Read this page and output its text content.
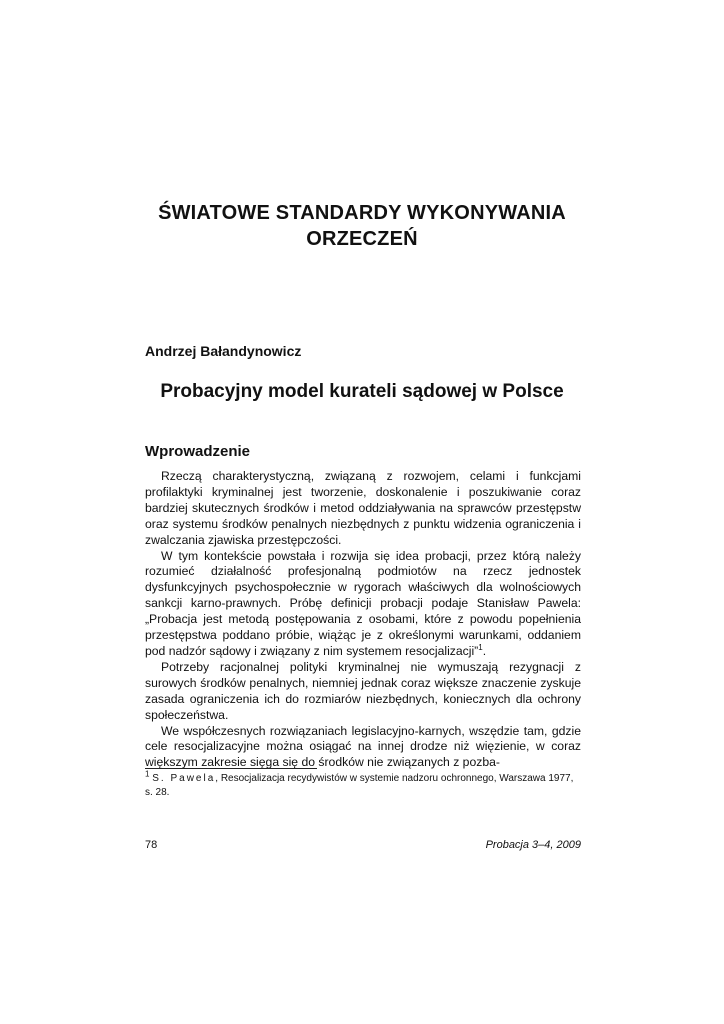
ŚWIATOWE STANDARDY WYKONYWANIA
ORZECZEŃ
Andrzej Bałandynowicz
Probacyjny model kurateli sądowej w Polsce
Wprowadzenie

Rzeczą charakterystyczną, związaną z rozwojem, celami i funkcjami profilaktyki kryminalnej jest tworzenie, doskonalenie i poszukiwanie coraz bardziej skutecznych środków i metod oddziaływania na sprawców przestępstw oraz systemu środków penalnych niezbędnych z punktu widzenia ograniczenia i zwalczania zjawiska przestępczości.

W tym kontekście powstała i rozwija się idea probacji, przez którą należy rozumieć działalność profesjonalną podmiotów na rzecz jednostek dysfunkcyjnych psychospołecznie w rygorach właściwych dla wolnościowych sankcji karno-prawnych. Próbę definicji probacji podaje Stanisław Pawela: „Probacja jest metodą postępowania z osobami, które z powodu popełnienia przestępstwa poddano próbie, wiążąc je z określonymi warunkami, oddaniem pod nadzór sądowy i związany z nim systemem resocjalizacji”$^1$.

Potrzeby racjonalnej polityki kryminalnej nie wymuszają rezygnacji z surowych środków penalnych, niemniej jednak coraz większe znaczenie zyskuje zasada ograniczenia ich do rozmiarów niezbędnych, koniecznych dla ochrony społeczeństwa.

We współczesnych rozwiązaniach legislacyjno-karnych, wszędzie tam, gdzie cele resocjalizacyjne można osiągać na innej drodze niż więzienie, w coraz większym zakresie sięga się do środków nie związanych z pozba-

$^1$ S. Pawela, Resocjalizacja recydywistów w systemie nadzoru ochronnego, Warszawa 1977, s. 28.
78	Probacja 3–4, 2009
